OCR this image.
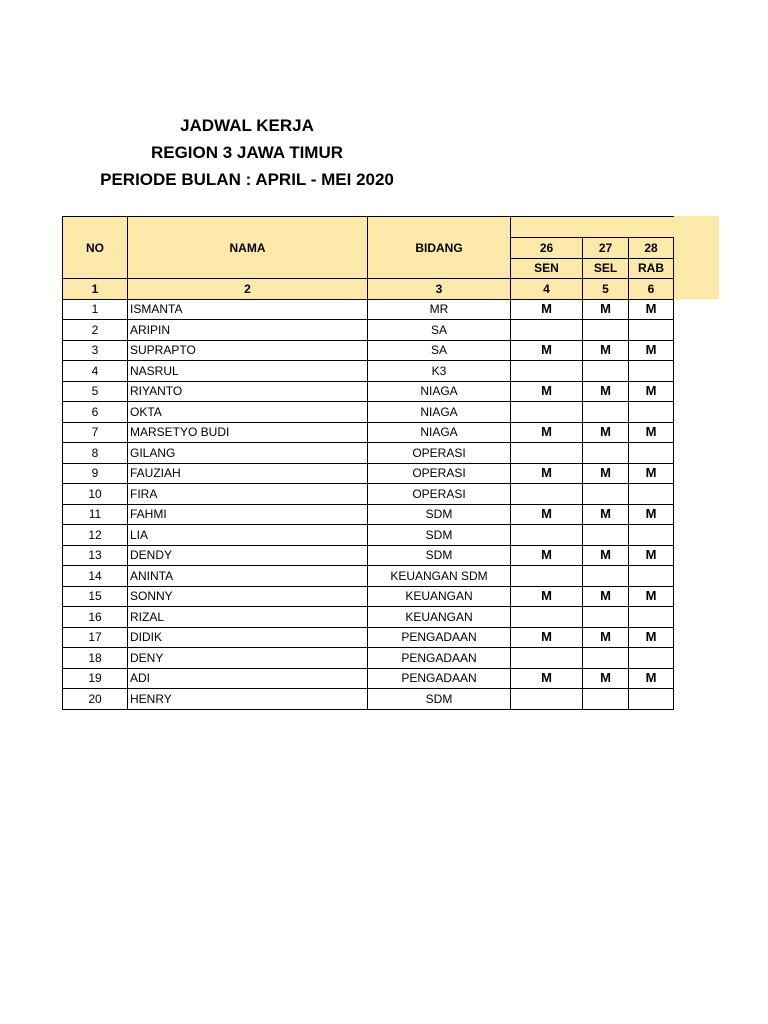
JADWAL KERJA
REGION 3 JAWA TIMUR
PERIODE BULAN : APRIL - MEI 2020
NO	NAMA	BIDANG			
			26	27	28
			SEN	SEL	RAB
1	2	3	4	5	6
1	ISMANTA	MR	M	M	M
2	ARIPIN	SA			
3	SUPRAPTO	SA	M	M	M
4	NASRUL	K3			
5	RIYANTO	NIAGA	M	M	M
6	OKTA	NIAGA			
7	MARSETYO BUDI	NIAGA	M	M	M
8	GILANG	OPERASI			
9	FAUZIAH	OPERASI	M	M	M
10	FIRA	OPERASI			
11	FAHMI	SDM	M	M	M
12	LIA	SDM			
13	DENDY	SDM	M	M	M
14	ANINTA	KEUANGAN SDM			
15	SONNY	KEUANGAN	M	M	M
16	RIZAL	KEUANGAN			
17	DIDIK	PENGADAAN	M	M	M
18	DENY	PENGADAAN			
19	ADI	PENGADAAN	M	M	M
20	HENRY	SDM			
